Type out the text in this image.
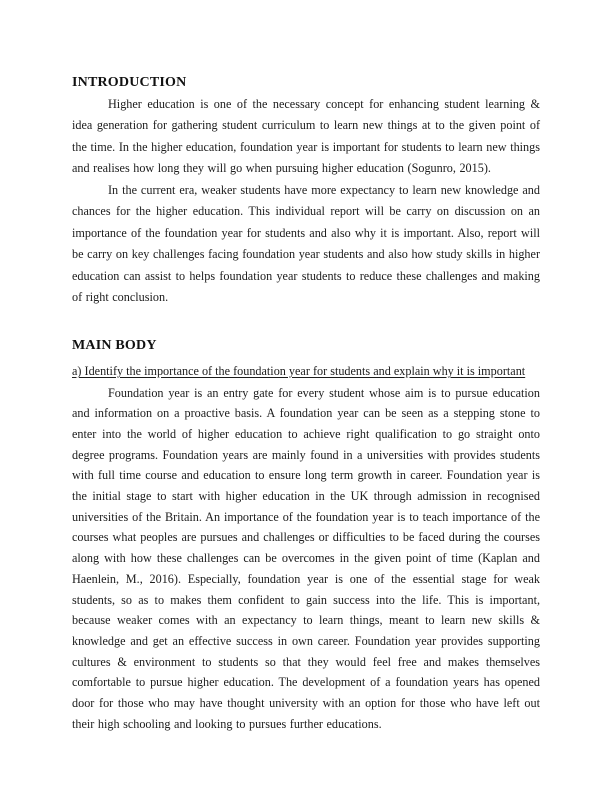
INTRODUCTION

Higher education is one of the necessary concept for enhancing student learning & idea generation for gathering student curriculum to learn new things at to the given point of the time. In the higher education, foundation year is important for students to learn new things and realises how long they will go when pursuing higher education (Sogunro, 2015).

In the current era, weaker students have more expectancy to learn new knowledge and chances for the higher education. This individual report will be carry on discussion on an importance of the foundation year for students and also why it is important. Also, report will be carry on key challenges facing foundation year students and also how study skills in higher education can assist to helps foundation year students to reduce these challenges and making of right conclusion.

MAIN BODY
a) Identify the importance of the foundation year for students and explain why it is important

Foundation year is an entry gate for every student whose aim is to pursue education and information on a proactive basis. A foundation year can be seen as a stepping stone to enter into the world of higher education to achieve right qualification to go straight onto degree programs. Foundation years are mainly found in a universities with provides students with full time course and education to ensure long term growth in career. Foundation year is the initial stage to start with higher education in the UK through admission in recognised universities of the Britain. An importance of the foundation year is to teach importance of the courses what peoples are pursues and challenges or difficulties to be faced during the courses along with how these challenges can be overcomes in the given point of time (Kaplan and Haenlein, M., 2016). Especially, foundation year is one of the essential stage for weak students, so as to makes them confident to gain success into the life. This is important, because weaker comes with an expectancy to learn things, meant to learn new skills & knowledge and get an effective success in own career. Foundation year provides supporting cultures & environment to students so that they would feel free and makes themselves comfortable to pursue higher education. The development of a foundation years has opened door for those who may have thought university with an option for those who have left out their high schooling and looking to pursues further educations.
